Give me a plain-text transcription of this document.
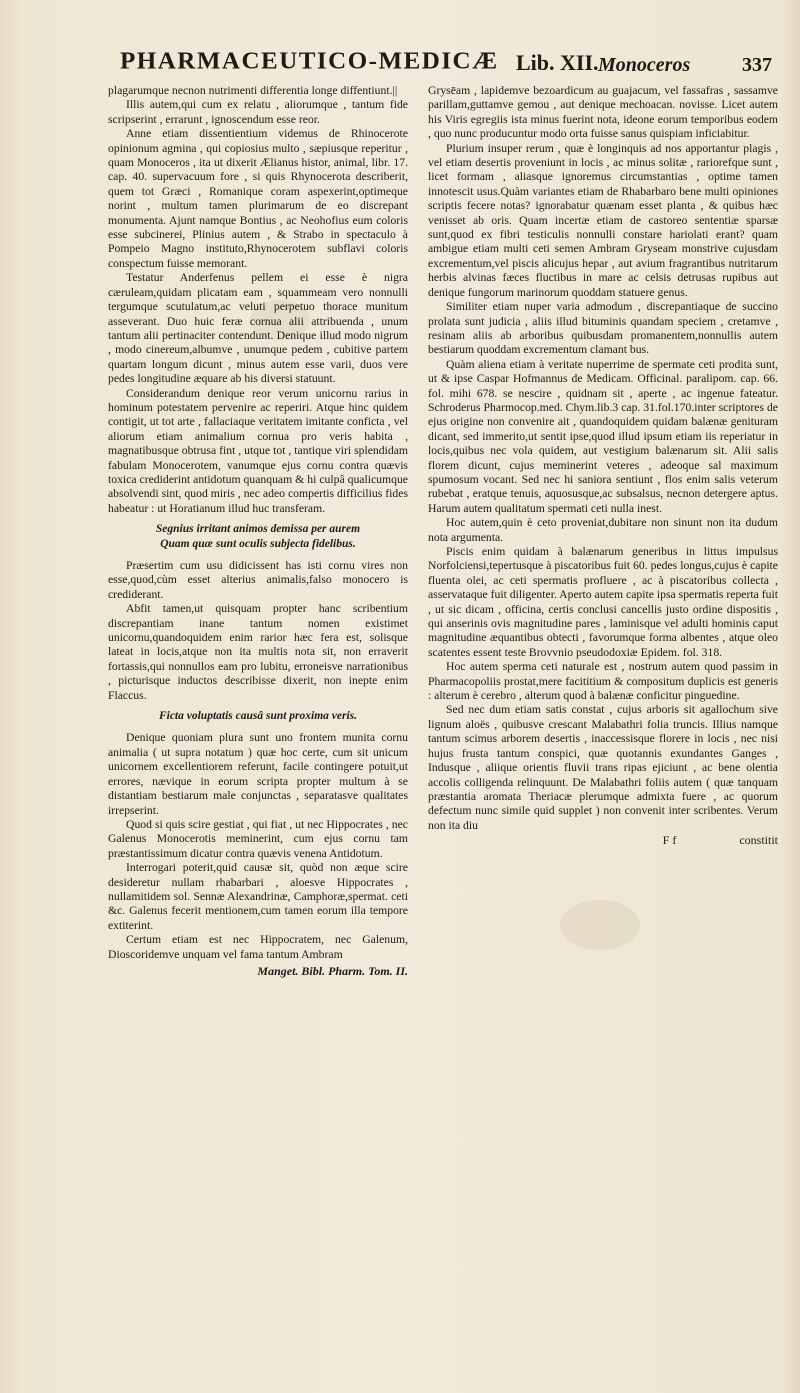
PHARMACEUTICO-MEDICÆ Lib. XII. Monoceros	337

plagarumque necnon nutrimenti differentia longe diffentiunt.||

Illis autem,qui cum ex relatu , aliorumque , tantum fide scripserint , errarunt , ignoscendum esse reor.

Anne etiam dissentientium videmus de Rhinocerote opinionum agmina , qui copiosius multo , sæpiusque reperitur , quam Monoceros , ita ut dixerit Ælianus histor, animal, libr. 17. cap. 40. supervacuum fore , si quis Rhynocerota describerit, quem tot Græci , Romanique coram aspexerint,optimeque norint , multum tamen plurimarum de eo discrepant monumenta. Ajunt namque Bontius , ac Neohofius eum coloris esse subcinerei, Plinius autem , & Strabo in spectaculo à Pompeio Magno instituto,Rhynocerotem subflavi coloris conspectum fuisse memorant.

Testatur Anderfenus pellem ei esse è nigra cæruleam,quidam plicatam eam , squammeam vero nonnulli tergumque scutulatum,ac veluti perpetuo thorace munitum asseverant. Duo huic feræ cornua alii attribuenda , unum tantum alii pertinaciter contendunt. Denique illud modo nigrum , modo cinereum,albumve , unumque pedem , cubitive partem quartam longum dicunt , minus autem esse varii, duos vere pedes longitudine æquare ab his diversi statuunt.

Considerandum denique reor verum unicornu rarius in hominum potestatem pervenire ac reperiri. Atque hinc quidem contigit, ut tot arte , fallaciaque veritatem imitante conficta , vel aliorum etiam animalium cornua pro veris habita , magnatibusque obtrusa fint , utque tot , tantique viri splendidam fabulam Monocerotem, vanumque ejus cornu contra quævis toxica crediderint antidotum quanquam & hi culpâ qualicumque absolvendi sint, quod miris , nec adeo compertis difficilius fides habeatur : ut Horatianum illud huc transferam.

Segnius irritant animos demissa per aurem
Quam quæ sunt oculis subjecta fidelibus.

Præsertim cum usu didicissent has isti cornu vires non esse,quod,cùm esset alterius animalis,falso monocero is crediderant.

Abfit tamen,ut quisquam propter hanc scribentium discrepantiam inane tantum nomen existimet unicornu,quandoquidem enim rarior hæc fera est, solisque lateat in locis,atque non ita multis nota sit, non erraverit fortassis,qui nonnullos eam pro lubitu, erroneisve narrationibus , picturisque inductos describisse dixerit, non inepte enim Flaccus.

Ficta voluptatis causâ sunt proxima veris.

Denique quoniam plura sunt uno frontem munita cornu animalia ( ut supra notatum ) quæ hoc certe, cum sit unicum unicornem excellentiorem referunt, facile contingere potuit,ut errores, nævique in eorum scripta propter multum à se distantiam bestiarum male conjunctas , separatasve qualitates irrepserint.

Quod si quis scire gestiat , qui fiat , ut nec Hippocrates , nec Galenus Monocerotis meminerint, cum ejus cornu tam præstantissimum dicatur contra quævis venena Antidotum.

Interrogari poterit,quid causæ sit, quòd non æque scire desideretur nullam rhabarbari , aloesve Hippocrates , nullamitidem sol. Sennæ Alexandrinæ, Camphoræ,spermat. ceti &c. Galenus fecerit mentionem,cum tamen eorum illa tempore extiterint.

Certum etiam est nec Hippocratem, nec Galenum, Dioscoridemve unquam vel fama tantum Ambram

Manget. Bibl. Pharm. Tom. II.

Grysēam , lapidemve bezoardicum au guajacum, vel fassafras , sassamve parillam,guttamve gemou , aut denique mechoacan. novisse. Licet autem his Viris egregiis ista minus fuerint nota, ideone eorum temporibus eodem , quo nunc producuntur modo orta fuisse sanus quispiam inficiabitur.

Plurium insuper rerum , quæ è longinquis ad nos apportantur plagis , vel etiam desertis proveniunt in locis , ac minus solitæ , rariorefque sunt , licet formam , aliasque ignoremus circumstantias , optime tamen innotescit usus.Quàm variantes etiam de Rhabarbaro bene multi opiniones scriptis fecere notas? ignorabatur quænam esset planta , & quibus hæc venisset ab oris. Quam incertæ etiam de castoreo sententiæ sparsæ sunt,quod ex fibri testiculis nonnulli constare hariolati erant? quam ambigue etiam multi ceti semen Ambram Gryseam monstrive cujusdam excrementum,vel piscis alicujus hepar , aut avium fragrantibus nutritarum herbis alvinas fæces fluctibus in mare ac celsis detrusas rupibus aut denique fungorum marinorum quoddam statuere genus.

Similiter etiam nuper varia admodum , discrepantiaque de succino prolata sunt judicia , aliis illud bituminis quandam speciem , cretamve , resinam aliis ab arboribus quibusdam promanentem,nonnullis autem bestiarum quoddam excrementum clamant bus.

Quàm aliena etiam à veritate nuperrime de spermate ceti prodita sunt, ut & ipse Caspar Hofmannus de Medicam. Officinal. paralipom. cap. 66. fol. mihi 678. se nescire , quidnam sit , aperte , ac ingenue fateatur. Schroderus Pharmocop.med. Chym.lib.3 cap. 31.fol.170.inter scriptores de ejus origine non convenire ait , quandoquidem quidam balænæ genituram dicant, sed immerito,ut sentit ipse,quod illud ipsum etiam iis reperiatur in locis,quibus nec vola quidem, aut vestigium balænarum sit. Alii salis florem dicunt, cujus meminerint veteres , adeoque sal maximum spumosum vocant. Sed nec hi saniora sentiunt , flos enim salis veterum rubebat , eratque tenuis, aquosusque,ac subsalsus, necnon detergere aptus. Harum autem qualitatum spermati ceti nulla inest.

Hoc autem,quin è ceto proveniat,dubitare non sinunt non ita dudum nota argumenta.

Piscis enim quidam à balænarum generibus in littus impulsus Norfolciensi,tepertusque à piscatoribus fuit 60. pedes longus,cujus è capite fluenta olei, ac ceti spermatis profluere , ac à piscatoribus collecta , asservataque fuit diligenter. Aperto autem capite ipsa spermatis reperta fuit , ut sic dicam , officina, certis conclusi cancellis justo ordine dispositis , qui anserinis ovis magnitudine pares , laminisque vel adulti hominis caput magnitudine æquantibus obtecti , favorumque forma albentes , atque oleo scatentes essent teste Brovvnio pseudodoxiæ Epidem. fol. 318.

Hoc autem sperma ceti naturale est , nostrum autem quod passim in Pharmacopoliis prostat,mere facititium & compositum duplicis est generis : alterum è cerebro , alterum quod à balænæ conficitur pinguedine.

Sed nec dum etiam satis constat , cujus arboris sit agallochum sive lignum aloës , quibusve crescant Malabathri folia truncis. Illius namque tantum scimus arborem desertis , inaccessisque florere in locis , nec nisi hujus frusta tantum conspici, quæ quotannis exundantes Ganges , Indusque , aliique orientis fluvii trans ripas ejiciunt , ac bene olentia accolis colligenda relinquunt. De Malabathri foliis autem ( quæ tanquam præstantia aromata Theriacæ plerumque admixta fuere , ac quorum defectum nunc simile quid supplet ) non convenit inter scribentes. Verum non ita diu

F f	constitit
